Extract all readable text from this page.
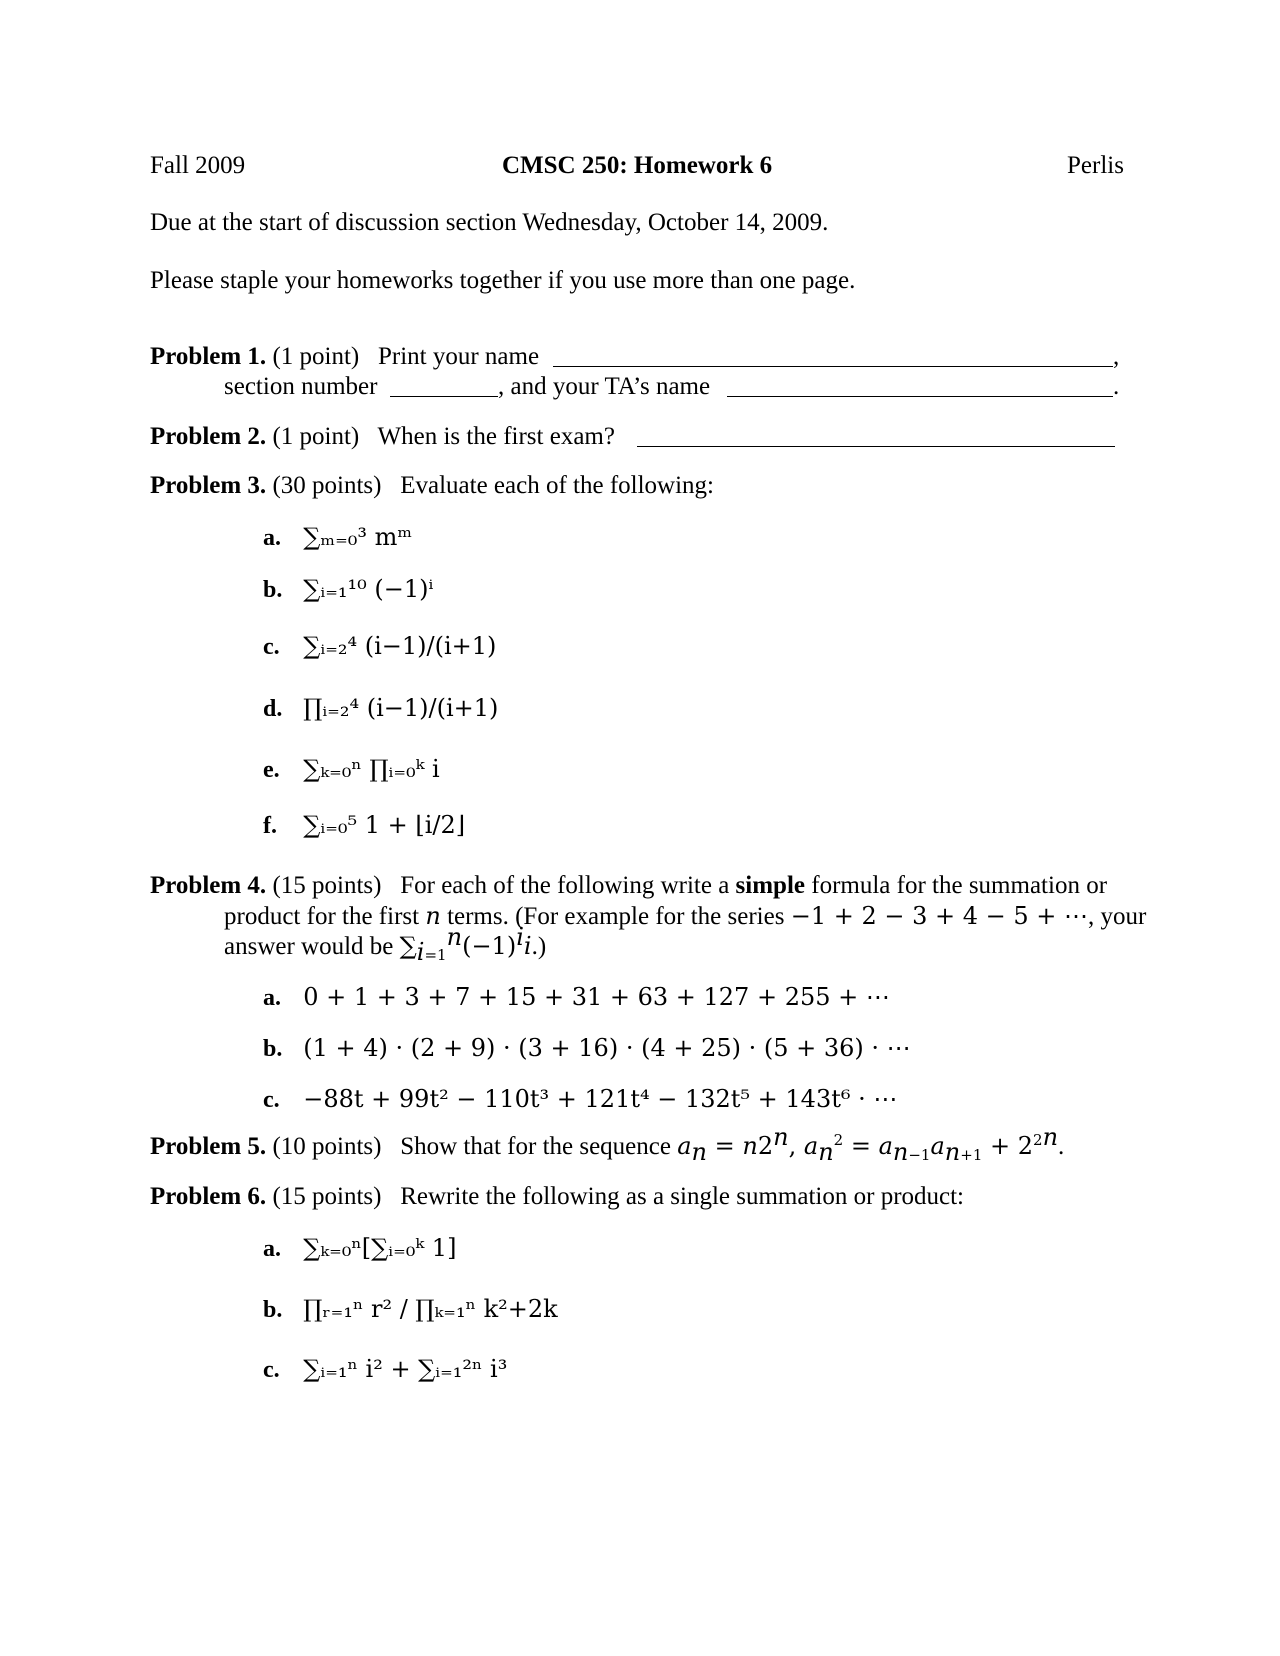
Fall 2009	CMSC 250: Homework 6	Perlis
Due at the start of discussion section Wednesday, October 14, 2009.
Please staple your homeworks together if you use more than one page.
Problem 1. (1 point) Print your name	,
section number	, and your TA’s name	.
Problem 2. (1 point) When is the first exam?
Problem 3. (30 points) Evaluate each of the following:
a. ∑ₘ₌₀³ mᵐ
b. ∑ᵢ₌₁¹⁰ (−1)ⁱ
c. ∑ᵢ₌₂⁴ (i−1)/(i+1)
d. ∏ᵢ₌₂⁴ (i−1)/(i+1)
e. ∑ₖ₌₀ⁿ ∏ᵢ₌₀ᵏ i
f. ∑ᵢ₌₀⁵ 1 + ⌊i/2⌋
Problem 4. (15 points) For each of the following write a simple formula for the summation or
product for the first n terms. (For example for the series −1 + 2 − 3 + 4 − 5 + ⋯, your
answer would be $\sum_{i=1}^n(-1)^ii$.)
a. 0 + 1 + 3 + 7 + 15 + 31 + 63 + 127 + 255 + ⋯
b. (1 + 4) · (2 + 9) · (3 + 16) · (4 + 25) · (5 + 36) · ⋯
c. −88t + 99t² − 110t³ + 121t⁴ − 132t⁵ + 143t⁶ · ⋯
Problem 5. (10 points) Show that for the sequence $a_n = n2^n$, $a_n^2 = a_{n-1}a_{n+1} + 2^{2n}$.
Problem 6. (15 points) Rewrite the following as a single summation or product:
a. ∑ₖ₌₀ⁿ[∑ᵢ₌₀ᵏ 1]
b. ∏ᵣ₌₁ⁿ r² / ∏ₖ₌₁ⁿ k²+2k
c. ∑ᵢ₌₁ⁿ i² + ∑ᵢ₌₁²ⁿ i³
